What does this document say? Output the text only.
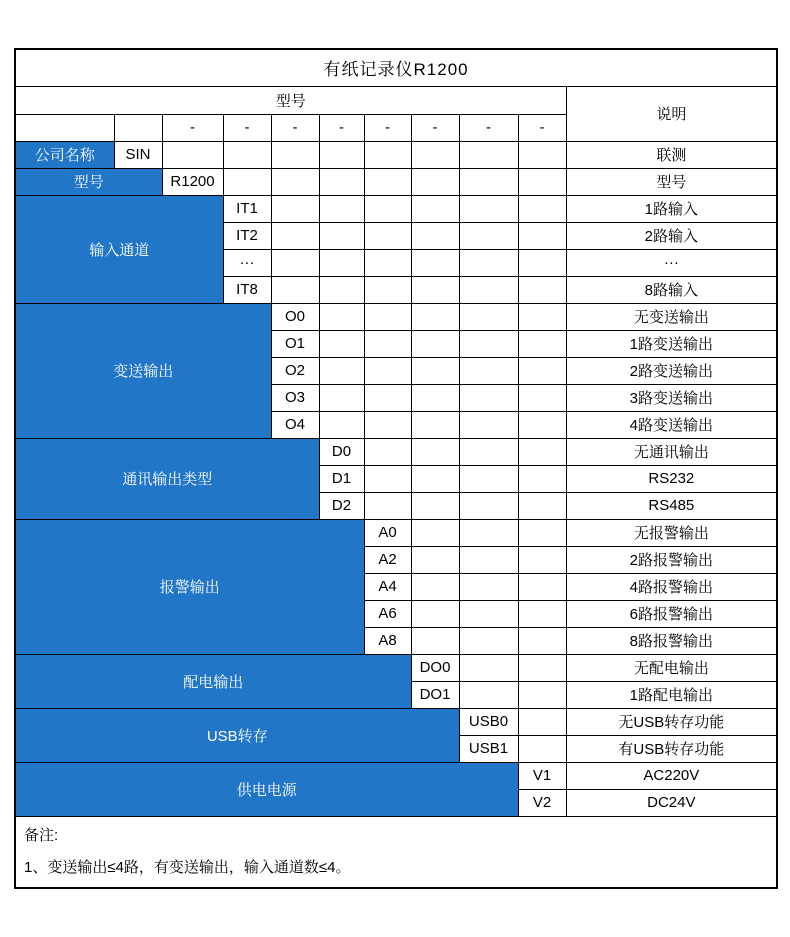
有纸记录仪R1200										
型号										说明
		-	-	-	-	-	-	-	-	
公司名称	SIN									联测
型号		R1200								型号
输入通道			IT1							1路输入
			IT2							2路输入
			···							···
			IT8							8路输入
变送输出				O0						无变送输出
				O1						1路变送输出
				O2						2路变送输出
				O3						3路变送输出
				O4						4路变送输出
通讯输出类型					D0					无通讯输出
					D1					RS232
					D2					RS485
报警输出						A0				无报警输出
						A2				2路报警输出
						A4				4路报警输出
						A6				6路报警输出
						A8				8路报警输出
配电输出							DO0			无配电输出
							DO1			1路配电输出
USB转存								USB0		无USB转存功能
								USB1		有USB转存功能
供电电源									V1	AC220V
									V2	DC24V

备注:
1、变送输出≤4路，有变送输出，输入通道数≤4。										
